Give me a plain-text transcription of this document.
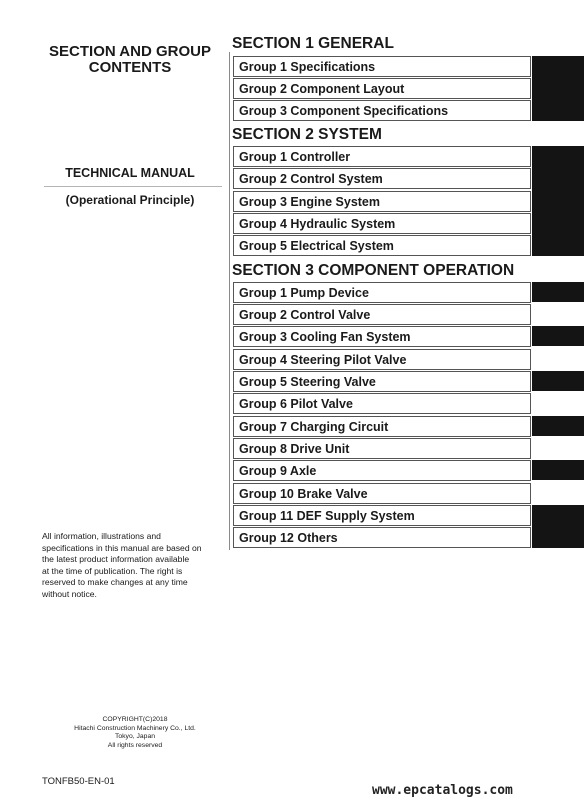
SECTION AND GROUP
CONTENTS
TECHNICAL MANUAL
(Operational Principle)
All information, illustrations and
specifications in this manual are based on
the latest product information available
at the time of publication. The right is
reserved to make changes at any time
without notice.
COPYRIGHT(C)2018
Hitachi Construction Machinery Co., Ltd.
Tokyo, Japan
All rights reserved
TONFB50-EN-01
www.epcatalogs.com
SECTION 1 GENERAL
Group 1 Specifications
Group 2 Component Layout
Group 3 Component Specifications
SECTION 2 SYSTEM
Group 1 Controller
Group 2 Control System
Group 3 Engine System
Group 4 Hydraulic System
Group 5 Electrical System
SECTION 3 COMPONENT OPERATION
Group 1 Pump Device
Group 2 Control Valve
Group 3 Cooling Fan System
Group 4 Steering Pilot Valve
Group 5 Steering Valve
Group 6 Pilot Valve
Group 7 Charging Circuit
Group 8 Drive Unit
Group 9 Axle
Group 10 Brake Valve
Group 11 DEF Supply System
Group 12 Others
